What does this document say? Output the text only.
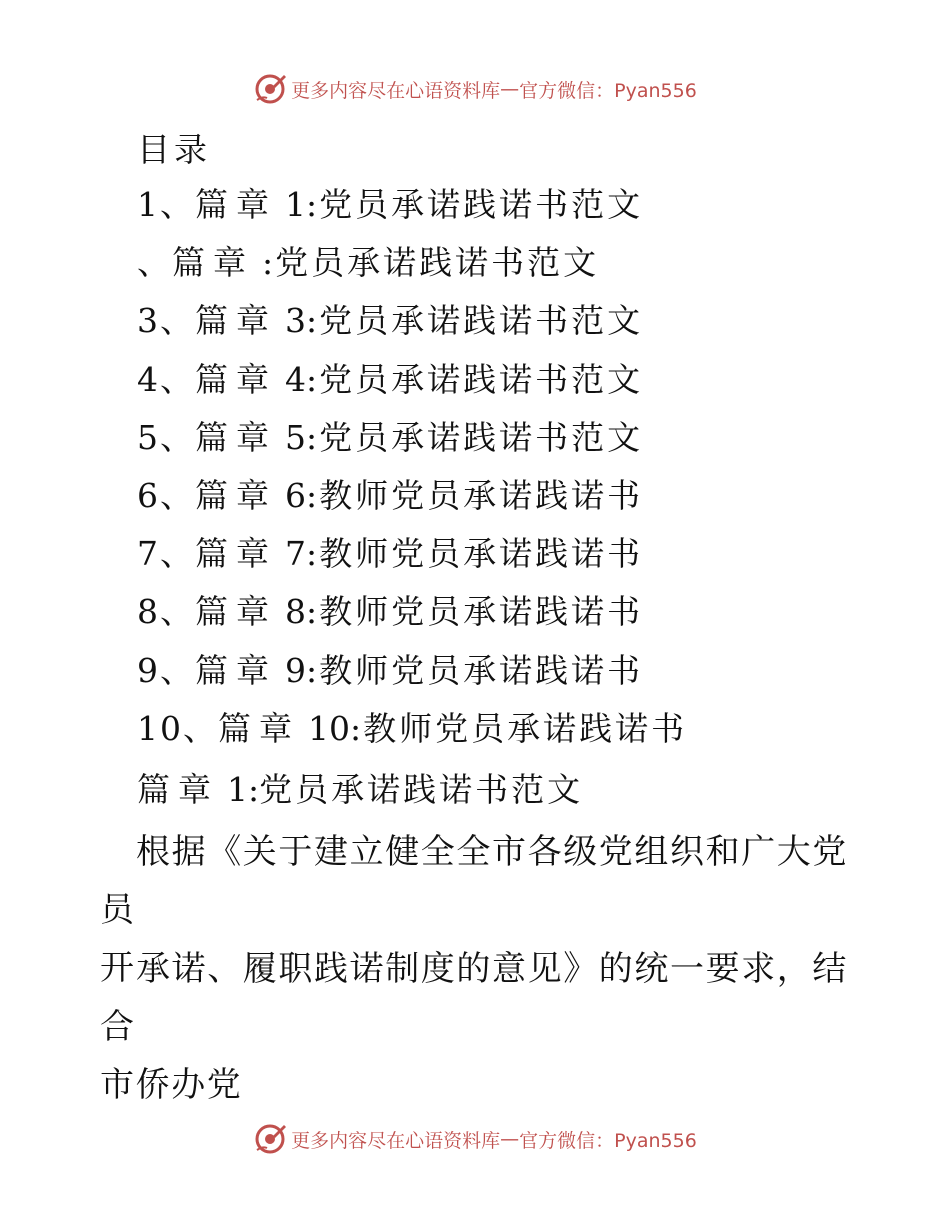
更多内容尽在心语资料库 — 官方微信：Pyan556
目录
1、篇章 1:党员承诺践诺书范文
、篇章 :党员承诺践诺书范文
3、篇章 3:党员承诺践诺书范文
4、篇章 4:党员承诺践诺书范文
5、篇章 5:党员承诺践诺书范文
6、篇章 6:教师党员承诺践诺书
7、篇章 7:教师党员承诺践诺书
8、篇章 8:教师党员承诺践诺书
9、篇章 9:教师党员承诺践诺书
10、篇章 10:教师党员承诺践诺书
篇章 1:党员承诺践诺书范文

根据《关于建立健全全市各级党组织和广大党员
开 承诺、履职践诺制度的意见》的统一要求，结合
市侨办党

更多内容尽在心语资料库 — 官方微信：Pyan556
